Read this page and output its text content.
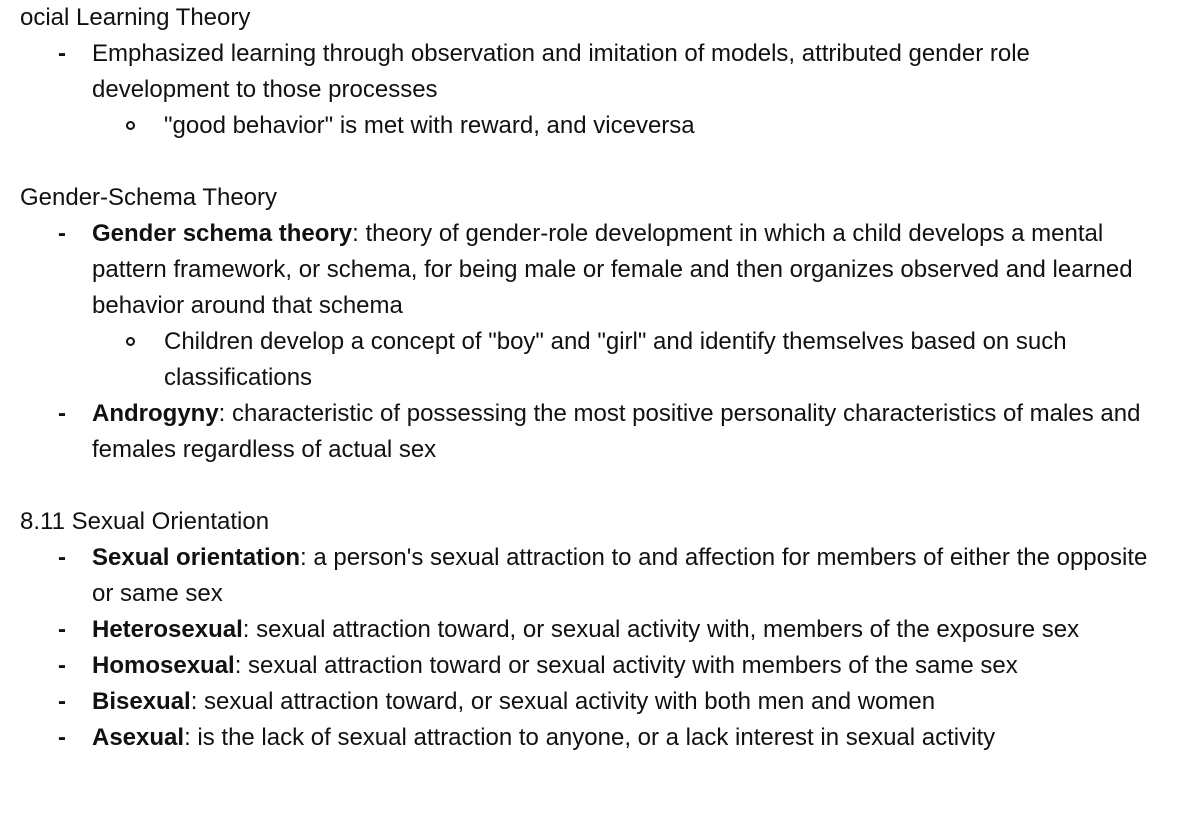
ocial Learning Theory
-	Emphasized learning through observation and imitation of models, attributed gender role development to those processes
"good behavior" is met with reward, and viceversa
Gender-Schema Theory
-	Gender schema theory: theory of gender-role development in which a child develops a mental pattern framework, or schema, for being male or female and then organizes observed and learned behavior around that schema
Children develop a concept of "boy" and "girl" and identify themselves based on such classifications
-	Androgyny: characteristic of possessing the most positive personality characteristics of males and females regardless of actual sex
8.11 Sexual Orientation
-	Sexual orientation: a person's sexual attraction to and affection for members of either the opposite or same sex
-	Heterosexual: sexual attraction toward, or sexual activity with, members of the exposure sex
-	Homosexual: sexual attraction toward or sexual activity with members of the same sex
-	Bisexual: sexual attraction toward, or sexual activity with both men and women
-	Asexual: is the lack of sexual attraction to anyone, or a lack interest in sexual activity
